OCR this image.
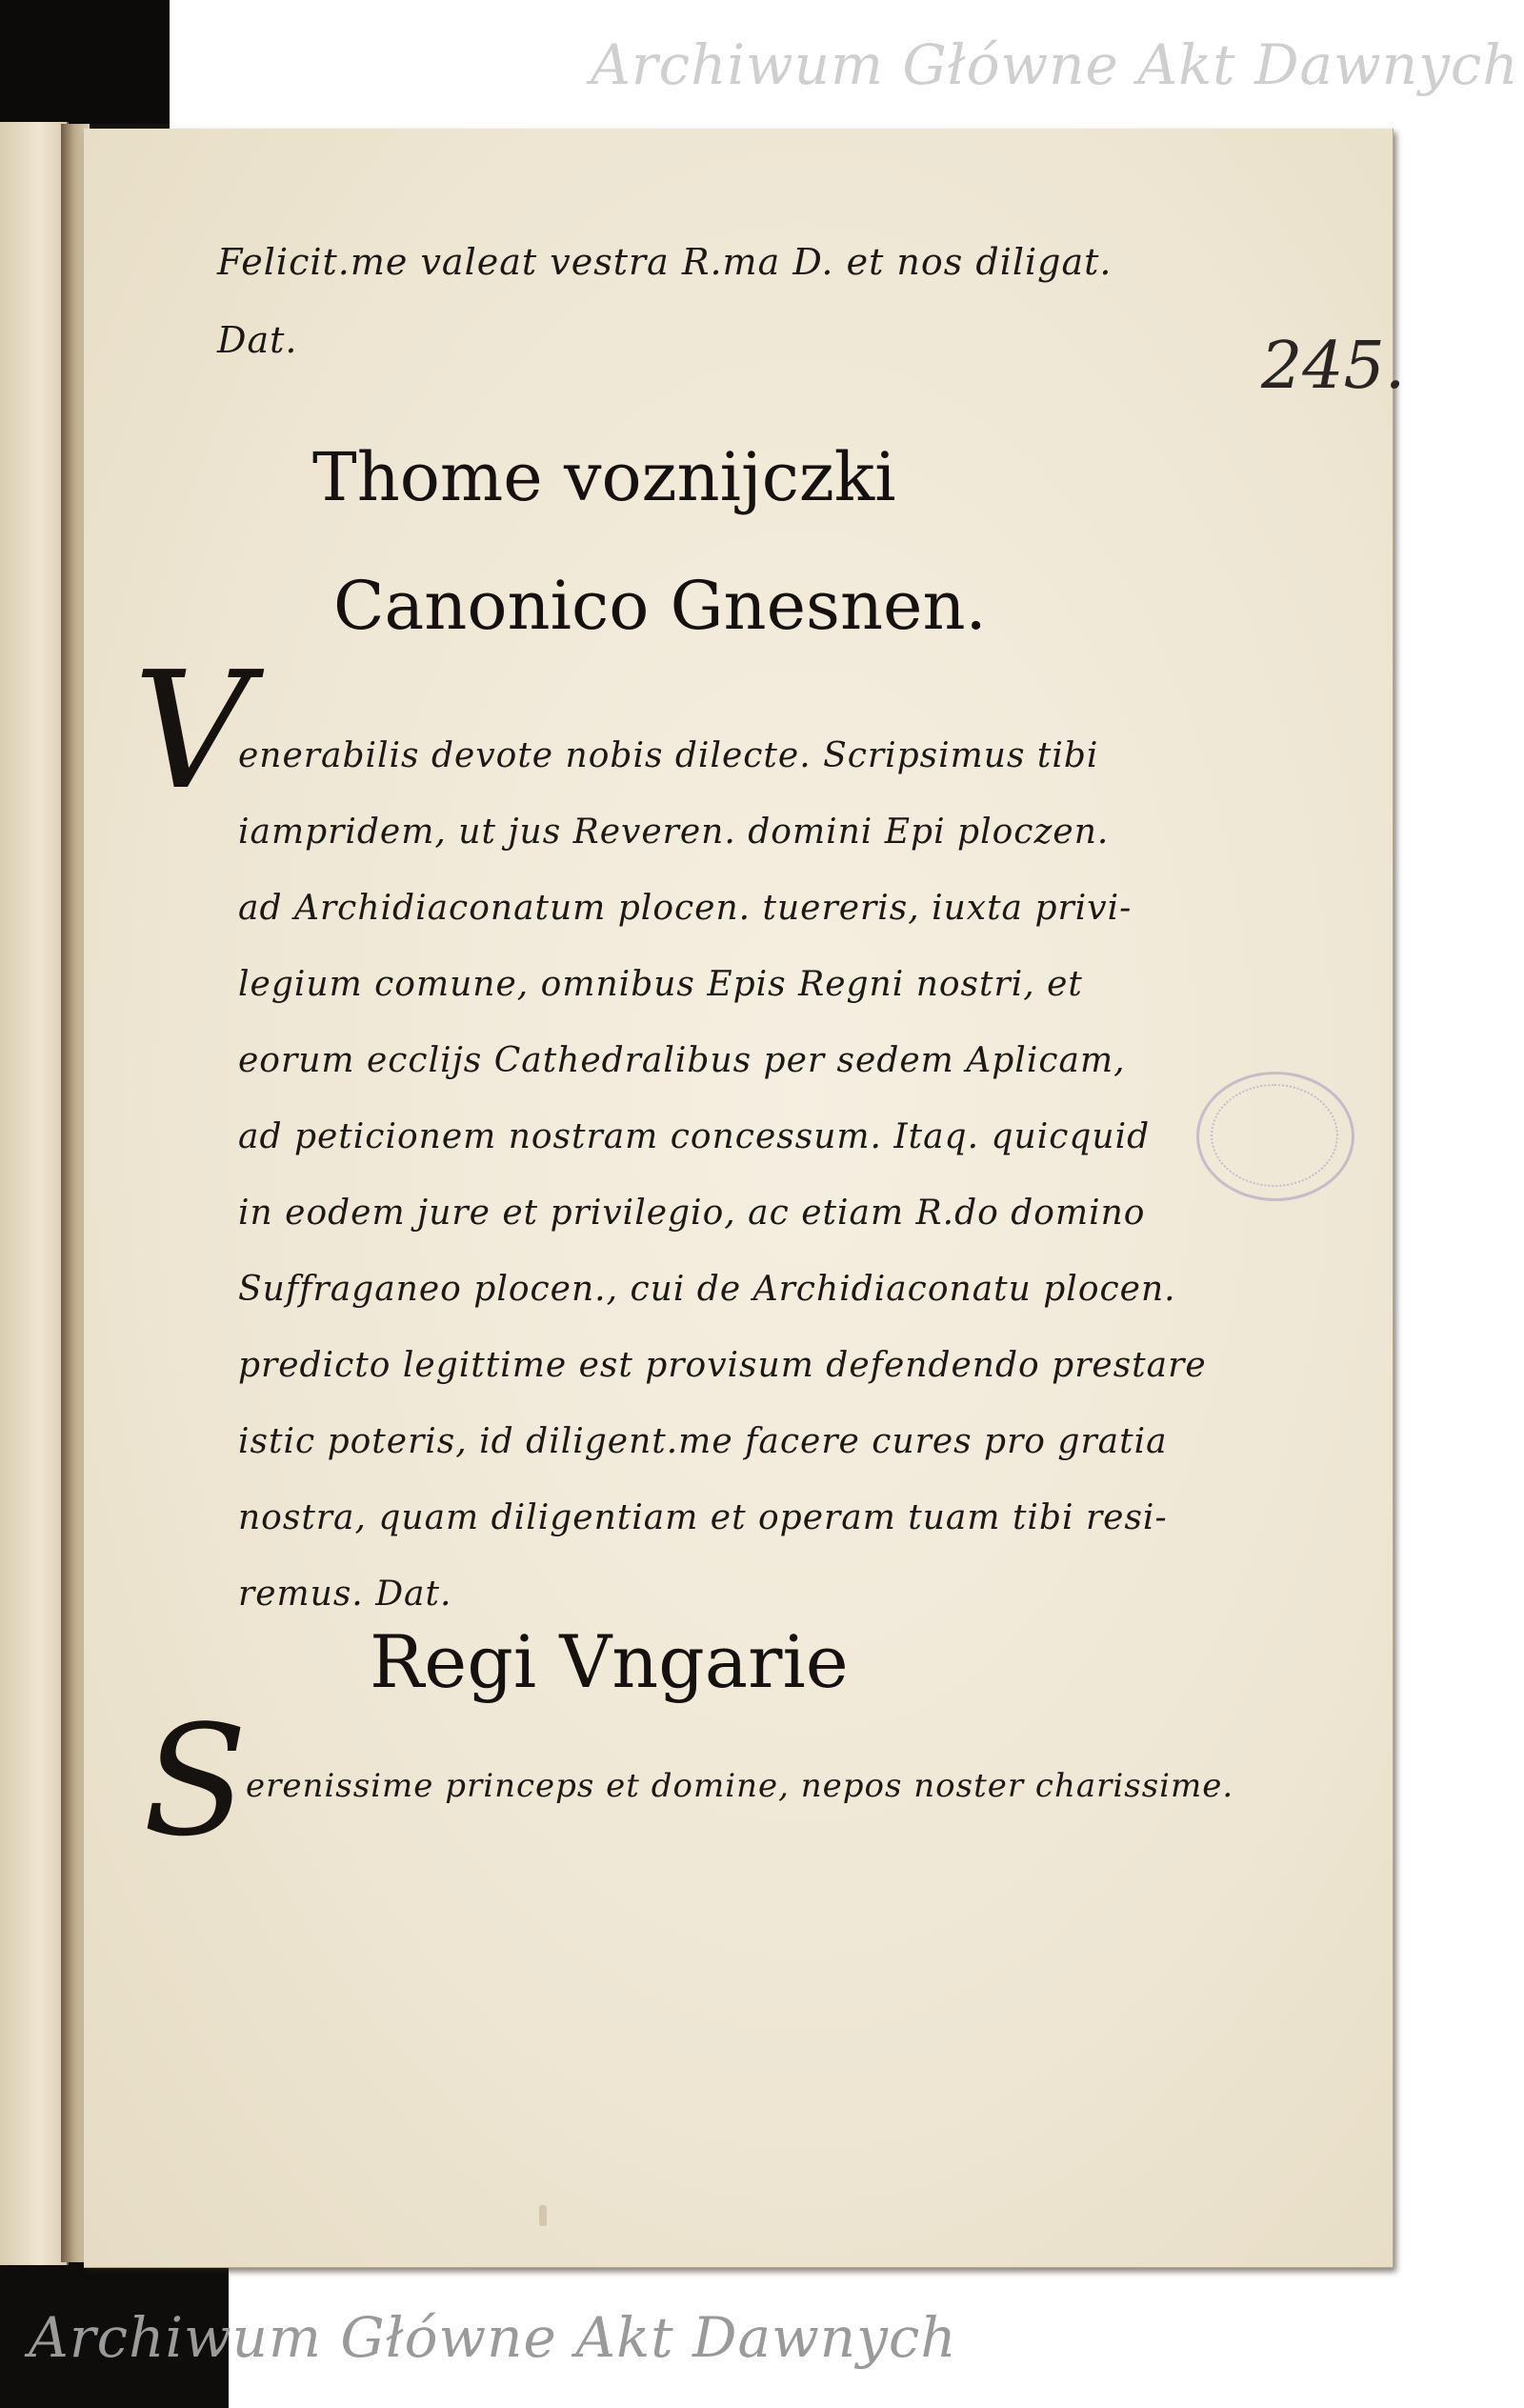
Archiwum Główne Akt Dawnych
245.
Felicit.me valeat vestra R.ma D. et nos diligat.
Dat.
Thome voznijczki
Canonico Gnesnen.
V
enerabilis devote nobis dilecte. Scripsimus tibi
iampridem, ut jus Reveren. domini Epi ploczen.
ad Archidiaconatum plocen. tuereris, iuxta privi-
legium comune, omnibus Epis Regni nostri, et
eorum ecclijs Cathedralibus per sedem Aplicam,
ad peticionem nostram concessum. Itaq. quicquid
in eodem jure et privilegio, ac etiam R.do domino
Suffraganeo plocen., cui de Archidiaconatu plocen.
predicto legittime est provisum defendendo prestare
istic poteris, id diligent.me facere cures pro gratia
nostra, quam diligentiam et operam tuam tibi resi-
remus. Dat.
Regi Vngarie
S
erenissime princeps et domine, nepos noster charissime.
Archiwum Główne Akt Dawnych
